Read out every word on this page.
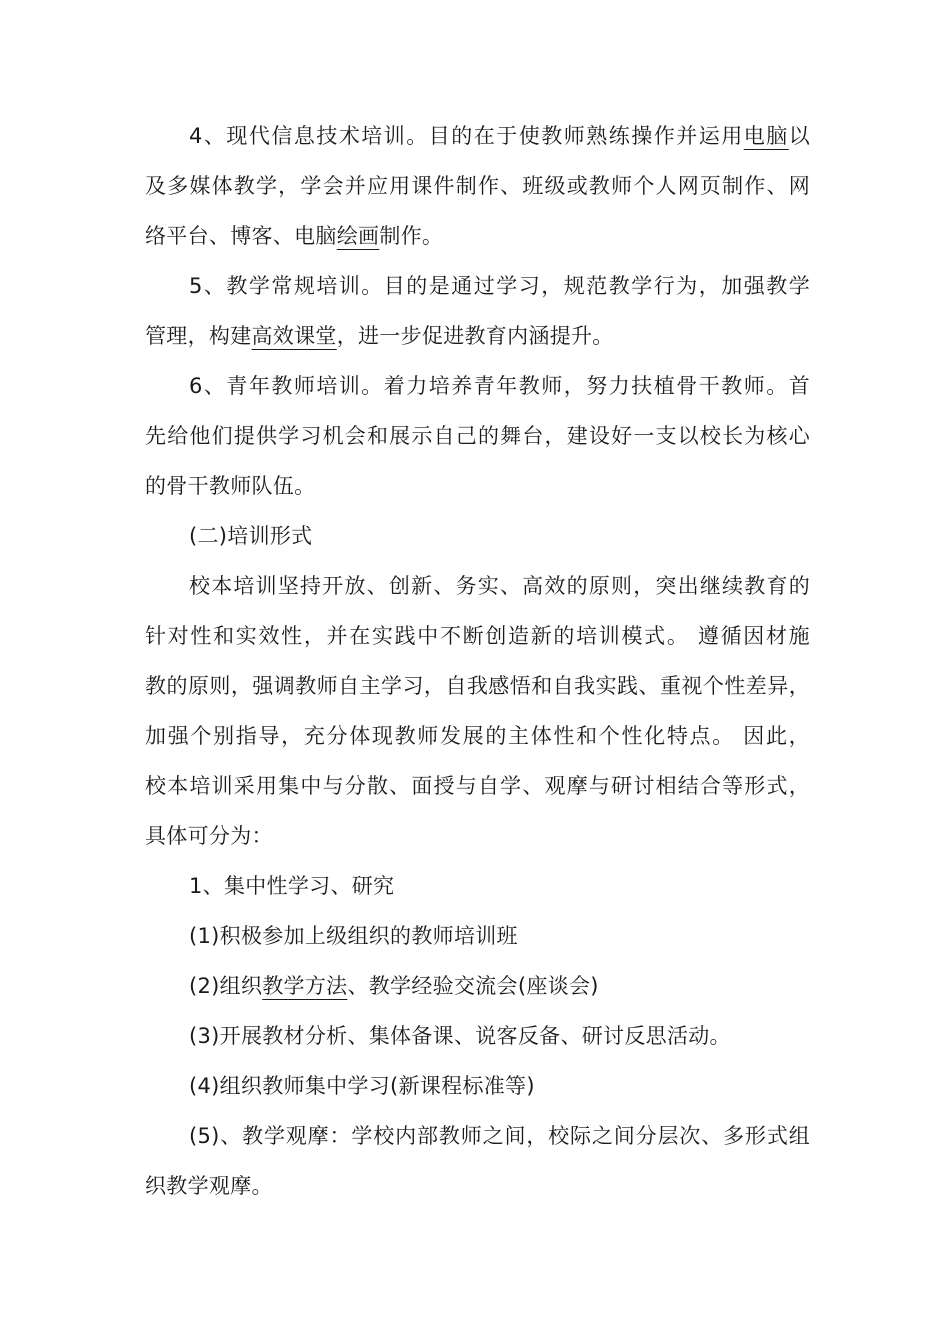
4、现代信息技术培训。目的在于使教师熟练操作并运用电脑以
及多媒体教学，学会并应用课件制作、班级或教师个人网页制作、网
络平台、博客、电脑绘画制作。
5、教学常规培训。目的是通过学习，规范教学行为，加强教学
管理，构建高效课堂，进一步促进教育内涵提升。
6、青年教师培训。着力培养青年教师，努力扶植骨干教师。首
先给他们提供学习机会和展示自己的舞台，建设好一支以校长为核心
的骨干教师队伍。
(二)培训形式
校本培训坚持开放、创新、务实、高效的原则，突出继续教育的
针对性和实效性，并在实践中不断创造新的培训模式。 遵循因材施
教的原则，强调教师自主学习，自我感悟和自我实践、重视个性差异，
加强个别指导，充分体现教师发展的主体性和个性化特点。 因此，
校本培训采用集中与分散、面授与自学、观摩与研讨相结合等形式，
具体可分为：
1、集中性学习、研究
(1)积极参加上级组织的教师培训班
(2)组织教学方法、教学经验交流会(座谈会)
(3)开展教材分析、集体备课、说客反备、研讨反思活动。
(4)组织教师集中学习(新课程标准等)
(5)、教学观摩：学校内部教师之间，校际之间分层次、多形式组
织教学观摩。
